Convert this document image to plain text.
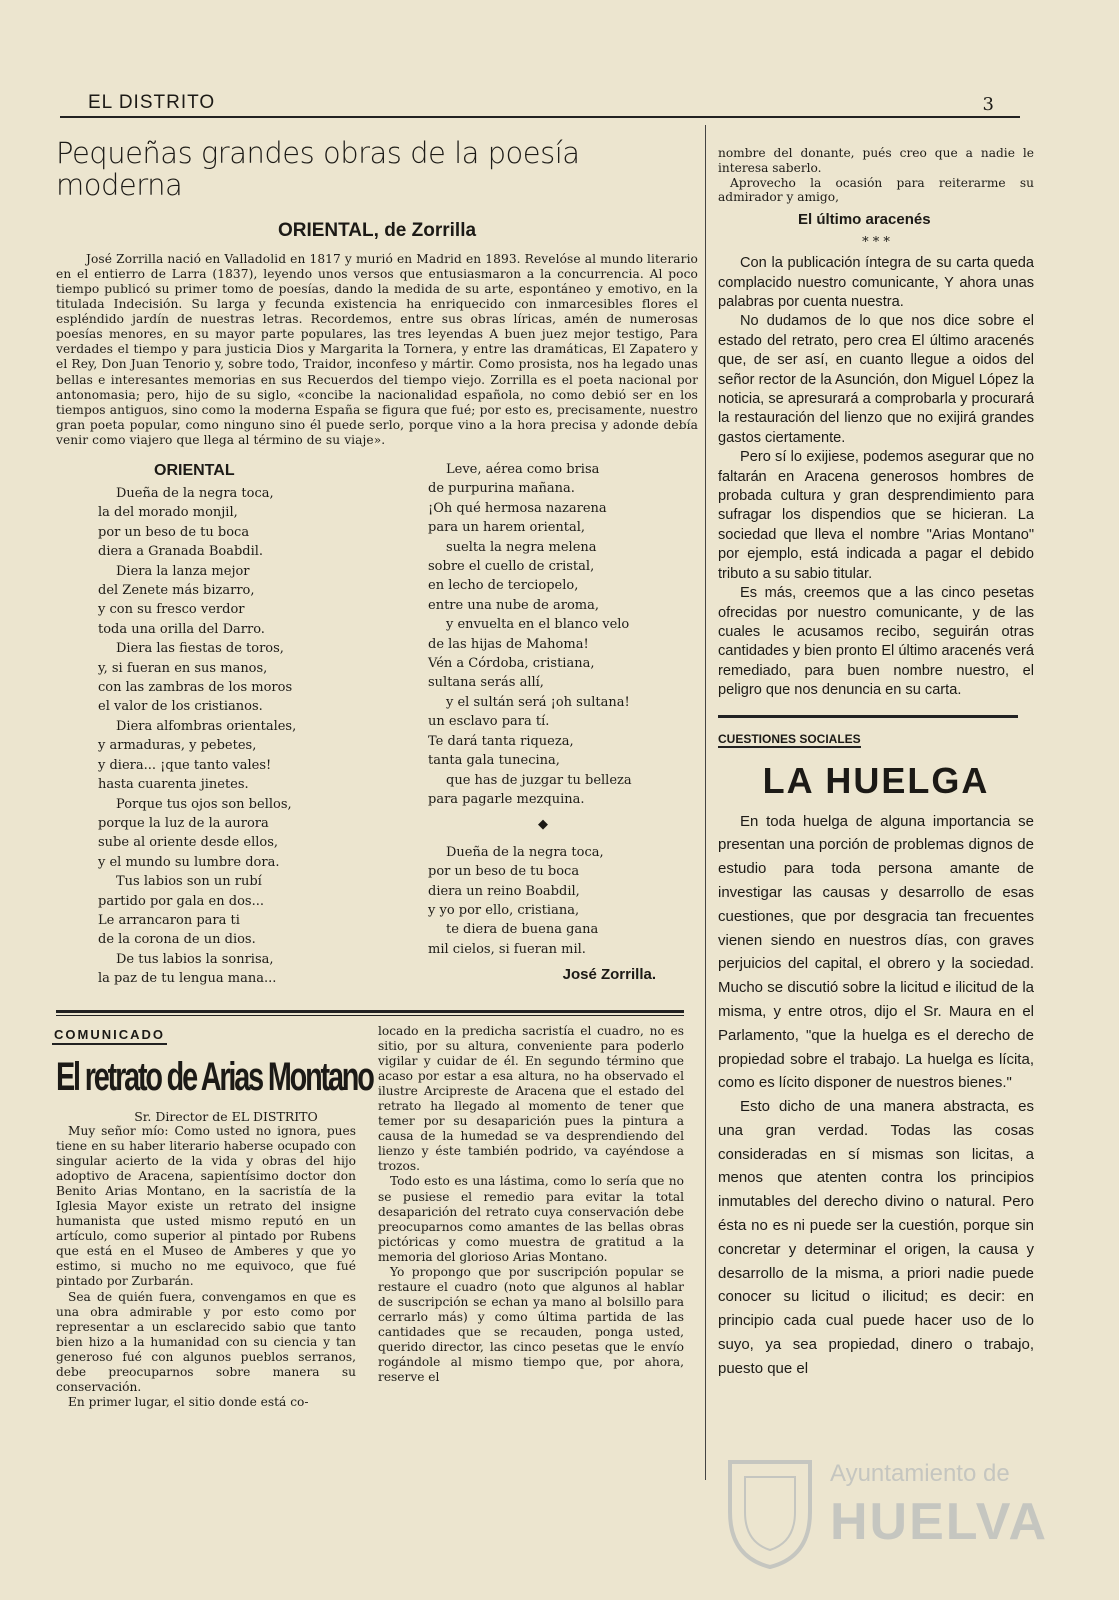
EL DISTRITO	3
Pequeñas grandes obras de la poesía moderna
ORIENTAL, de Zorrilla

José Zorrilla nació en Valladolid en 1817 y murió en Madrid en 1893. Revelóse al mundo literario en el entierro de Larra (1837), leyendo unos versos que entusiasmaron a la concurrencia. Al poco tiempo publicó su primer tomo de poesías, dando la medida de su arte, espontáneo y emotivo, en la titulada Indecisión. Su larga y fecunda existencia ha enriquecido con inmarcesibles flores el espléndido jardín de nuestras letras. Recordemos, entre sus obras líricas, amén de numerosas poesías menores, en su mayor parte populares, las tres leyendas A buen juez mejor testigo, Para verdades el tiempo y para justicia Dios y Margarita la Tornera, y entre las dramáticas, El Zapatero y el Rey, Don Juan Tenorio y, sobre todo, Traidor, inconfeso y mártir. Como prosista, nos ha legado unas bellas e interesantes memorias en sus Recuerdos del tiempo viejo. Zorrilla es el poeta nacional por antonomasia; pero, hijo de su siglo, «concibe la nacionalidad española, no como debió ser en los tiempos antiguos, sino como la moderna España se figura que fué; por esto es, precisamente, nuestro gran poeta popular, como ninguno sino él puede serlo, porque vino a la hora precisa y adonde debía venir como viajero que llega al término de su viaje».

ORIENTAL
Dueña de la negra toca,
la del morado monjil,
por un beso de tu boca
diera a Granada Boabdil.
Diera la lanza mejor
del Zenete más bizarro,
y con su fresco verdor
toda una orilla del Darro.
Diera las fiestas de toros,
y, si fueran en sus manos,
con las zambras de los moros
el valor de los cristianos.
Diera alfombras orientales,
y armaduras, y pebetes,
y diera... ¡que tanto vales!
hasta cuarenta jinetes.
Porque tus ojos son bellos,
porque la luz de la aurora
sube al oriente desde ellos,
y el mundo su lumbre dora.
Tus labios son un rubí
partido por gala en dos...
Le arrancaron para ti
de la corona de un dios.
De tus labios la sonrisa,
la paz de tu lengua mana...
Leve, aérea como brisa
de purpurina mañana.
¡Oh qué hermosa nazarena
para un harem oriental,
suelta la negra melena
sobre el cuello de cristal,
en lecho de terciopelo,
entre una nube de aroma,
y envuelta en el blanco velo
de las hijas de Mahoma!
Vén a Córdoba, cristiana,
sultana serás allí,
y el sultán será ¡oh sultana!
un esclavo para tí.
Te dará tanta riqueza,
tanta gala tunecina,
que has de juzgar tu belleza
para pagarle mezquina.
◆
Dueña de la negra toca,
por un beso de tu boca
diera un reino Boabdil,
y yo por ello, cristiana,
te diera de buena gana
mil cielos, si fueran mil.
José Zorrilla.
COMUNICADO
El retrato de Arias Montano
Sr. Director de EL DISTRITO

Muy señor mío: Como usted no ignora, pues tiene en su haber literario haberse ocupado con singular acierto de la vida y obras del hijo adoptivo de Aracena, sapientísimo doctor don Benito Arias Montano, en la sacristía de la Iglesia Mayor existe un retrato del insigne humanista que usted mismo reputó en un artículo, como superior al pintado por Rubens que está en el Museo de Amberes y que yo estimo, si mucho no me equivoco, que fué pintado por Zurbarán.

Sea de quién fuera, convengamos en que es una obra admirable y por esto como por representar a un esclarecido sabio que tanto bien hizo a la humanidad con su ciencia y tan generoso fué con algunos pueblos serranos, debe preocuparnos sobre manera su conservación.

En primer lugar, el sitio donde está co-

locado en la predicha sacristía el cuadro, no es sitio, por su altura, conveniente para poderlo vigilar y cuidar de él. En segundo término que acaso por estar a esa altura, no ha observado el ilustre Arcipreste de Aracena que el estado del retrato ha llegado al momento de tener que temer por su desaparición pues la pintura a causa de la humedad se va desprendiendo del lienzo y éste también podrido, va cayéndose a trozos.

Todo esto es una lástima, como lo sería que no se pusiese el remedio para evitar la total desaparición del retrato cuya conservación debe preocuparnos como amantes de las bellas obras pictóricas y como muestra de gratitud a la memoria del glorioso Arias Montano.

Yo propongo que por suscripción popular se restaure el cuadro (noto que algunos al hablar de suscripción se echan ya mano al bolsillo para cerrarlo más) y como última partida de las cantidades que se recauden, ponga usted, querido director, las cinco pesetas que le envío rogándole al mismo tiempo que, por ahora, reserve el

nombre del donante, pués creo que a nadie le interesa saberlo.

Aprovecho la ocasión para reiterarme su admirador y amigo,

El último aracenés
* * *

Con la publicación íntegra de su carta queda complacido nuestro comunicante, Y ahora unas palabras por cuenta nuestra.

No dudamos de lo que nos dice sobre el estado del retrato, pero crea El último aracenés que, de ser así, en cuanto llegue a oidos del señor rector de la Asunción, don Miguel López la noticia, se apresurará a comprobarla y procurará la restauración del lienzo que no exijirá grandes gastos ciertamente.

Pero sí lo exijiese, podemos asegurar que no faltarán en Aracena generosos hombres de probada cultura y gran desprendimiento para sufragar los dispendios que se hicieran. La sociedad que lleva el nombre "Arias Montano" por ejemplo, está indicada a pagar el debido tributo a su sabio titular.

Es más, creemos que a las cinco pesetas ofrecidas por nuestro comunicante, y de las cuales le acusamos recibo, seguirán otras cantidades y bien pronto El último aracenés verá remediado, para buen nombre nuestro, el peligro que nos denuncia en su carta.

CUESTIONES SOCIALES
LA HUELGA

En toda huelga de alguna importancia se presentan una porción de problemas dignos de estudio para toda persona amante de investigar las causas y desarrollo de esas cuestiones, que por desgracia tan frecuentes vienen siendo en nuestros días, con graves perjuicios del capital, el obrero y la sociedad. Mucho se discutió sobre la licitud e ilicitud de la misma, y entre otros, dijo el Sr. Maura en el Parlamento, "que la huelga es el derecho de propiedad sobre el trabajo. La huelga es lícita, como es lícito disponer de nuestros bienes."

Esto dicho de una manera abstracta, es una gran verdad. Todas las cosas consideradas en sí mismas son licitas, a menos que atenten contra los principios inmutables del derecho divino o natural. Pero ésta no es ni puede ser la cuestión, porque sin concretar y determinar el origen, la causa y desarrollo de la misma, a priori nadie puede conocer su licitud o ilicitud; es decir: en principio cada cual puede hacer uso de lo suyo, ya sea propiedad, dinero o trabajo, puesto que el

Ayuntamiento de
HUELVA
